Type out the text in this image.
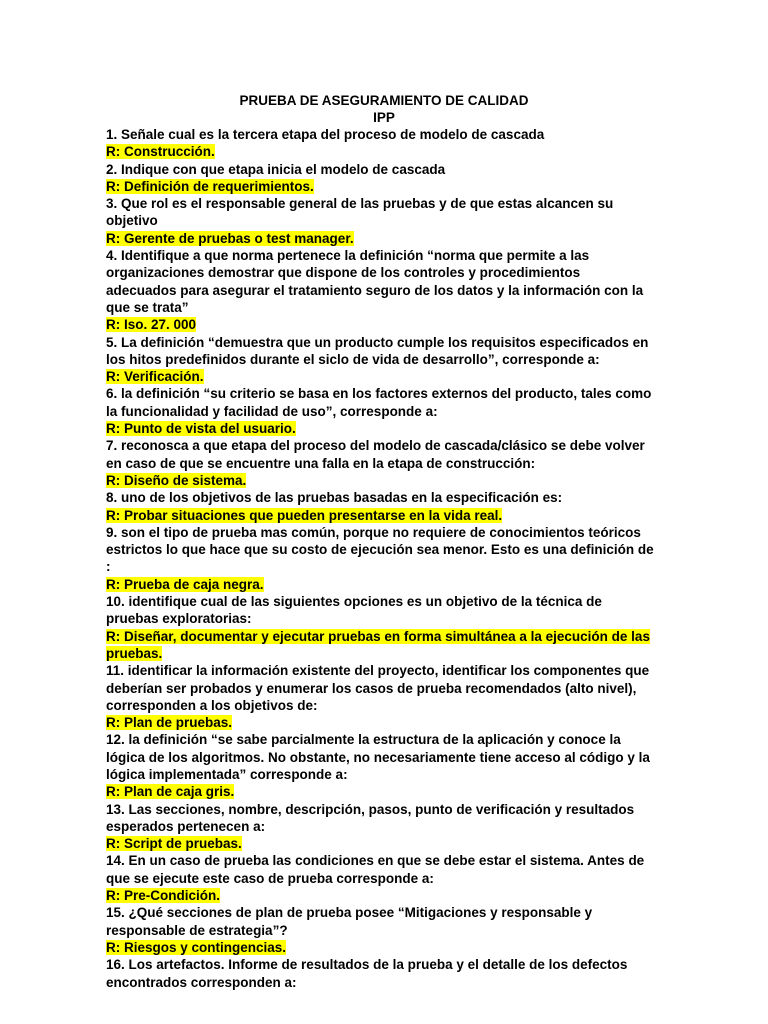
PRUEBA DE ASEGURAMIENTO DE CALIDAD
IPP

1. Señale cual es la tercera etapa del proceso de modelo de cascada

R: Construcción.

2. Indique con que etapa inicia el modelo de cascada

R: Definición de requerimientos.

3. Que rol es el responsable general de las pruebas y de que estas alcancen su objetivo

R: Gerente de pruebas o test manager.

4. Identifique a que norma pertenece la definición “norma que permite a las organizaciones demostrar que dispone de los controles y procedimientos adecuados para asegurar el tratamiento seguro de los datos y la información con la que se trata”

R: Iso. 27. 000

5. La definición “demuestra que un producto cumple los requisitos especificados en los hitos predefinidos durante el siclo de vida de desarrollo”, corresponde a:

R: Verificación.

6. la definición “su criterio se basa en los factores externos del producto, tales como la funcionalidad y facilidad de uso”, corresponde a:

R: Punto de vista del usuario.

7. reconosca a que etapa del proceso del modelo de cascada/clásico se debe volver en caso de que se encuentre una falla en la etapa de construcción:

R: Diseño de sistema.

8. uno de los objetivos de las pruebas basadas en la especificación es:

R: Probar situaciones que pueden presentarse en la vida real.

9. son el tipo de prueba mas común, porque no requiere de conocimientos teóricos estrictos lo que hace que su costo de ejecución sea menor. Esto es una definición de :

R: Prueba de caja negra.

10. identifique cual de las siguientes opciones es un objetivo de la técnica de pruebas exploratorias:

R: Diseñar, documentar y ejecutar pruebas en forma simultánea a la ejecución de las pruebas.

11. identificar la información existente del proyecto, identificar los componentes que deberían ser probados y enumerar los casos de prueba recomendados (alto nivel), corresponden a los objetivos de:

R: Plan de pruebas.

12. la definición “se sabe parcialmente la estructura de la aplicación y conoce la lógica de los algoritmos. No obstante, no necesariamente tiene acceso al código y la lógica implementada” corresponde a:

R: Plan de caja gris.

13. Las secciones, nombre, descripción, pasos, punto de verificación y resultados esperados pertenecen a:

R: Script de pruebas.

14. En un caso de prueba las condiciones en que se debe estar el sistema. Antes de que se ejecute este caso de prueba corresponde a:

R: Pre-Condición.

15. ¿Qué secciones de plan de prueba posee “Mitigaciones y responsable y responsable de estrategia”?

R: Riesgos y contingencias.

16. Los artefactos. Informe de resultados de la prueba y el detalle de los defectos encontrados corresponden a:
